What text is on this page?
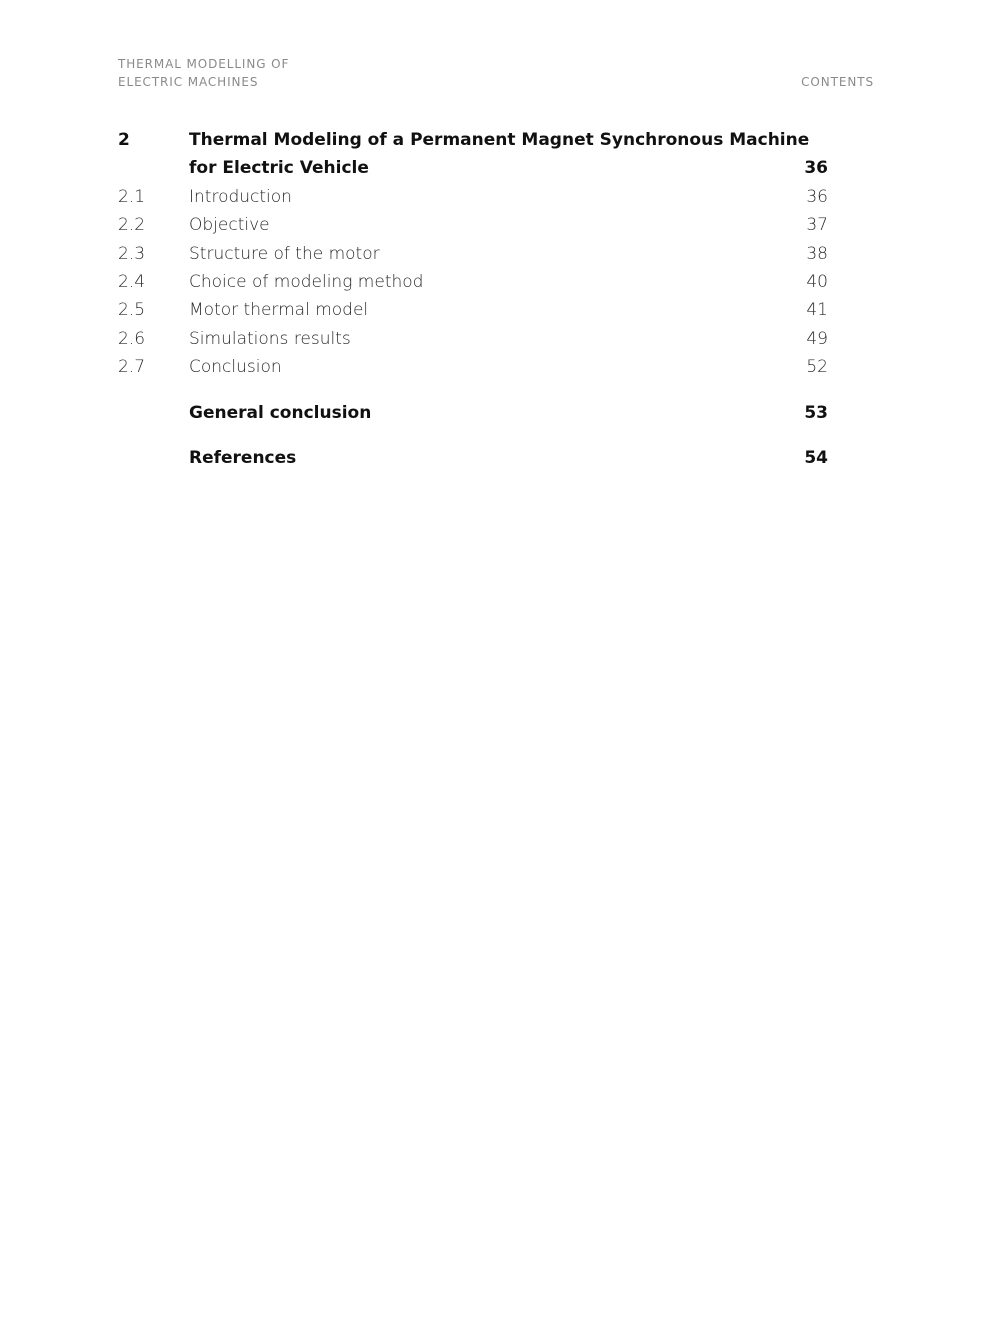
THERMAL MODELLING OF
ELECTRIC MACHINES	CONTENTS
2	Thermal Modeling of a Permanent Magnet Synchronous Machine
for Electric Vehicle	36
2.1	Introduction	36
2.2	Objective	37
2.3	Structure of the motor	38
2.4	Choice of modeling method	40
2.5	Motor thermal model	41
2.6	Simulations results	49
2.7	Conclusion	52
General conclusion	53
References	54
